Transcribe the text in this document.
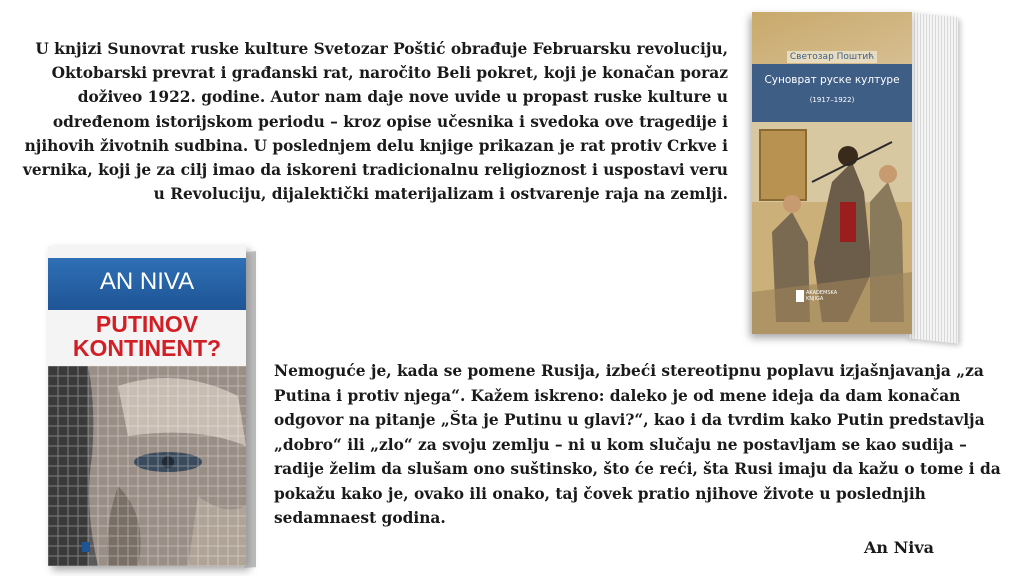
U knjizi Sunovrat ruske kulture Svetozar Poštić obrađuje Februarsku revoluciju, Oktobarski prevrat i građanski rat, naročito Beli pokret, koji je konačan poraz doživeo 1922. godine. Autor nam daje nove uvide u propast ruske kulture u određenom istorijskom periodu – kroz opise učesnika i svedoka ove tragedije i njihovih životnih sudbina. U poslednjem delu knjige prikazan je rat protiv Crkve i vernika, koji je za cilj imao da iskoreni tradicionalnu religioznost i uspostavi veru u Revoluciju, dijalektički materijalizam i ostvarenje raja na zemlji.
Светозар Поштић
Суноврат руске културе
(1917–1922)
AKADEMSKA KNJIGA
AN NIVA
PUTINOV
KONTINENT?
Nemoguće je, kada se pomene Rusija, izbeći stereotipnu poplavu izjašnjavanja „za Putina i protiv njega“. Kažem iskreno: daleko je od mene ideja da dam konačan odgovor na pitanje „Šta je Putinu u glavi?“, kao i da tvrdim kako Putin predstavlja „dobro“ ili „zlo“ za svoju zemlju – ni u kom slučaju ne postavljam se kao sudija – radije želim da slušam ono suštinsko, što će reći, šta Rusi imaju da kažu o tome i da pokažu kako je, ovako ili onako, taj čovek pratio njihove živote u poslednjih sedamnaest godina.
An Niva
